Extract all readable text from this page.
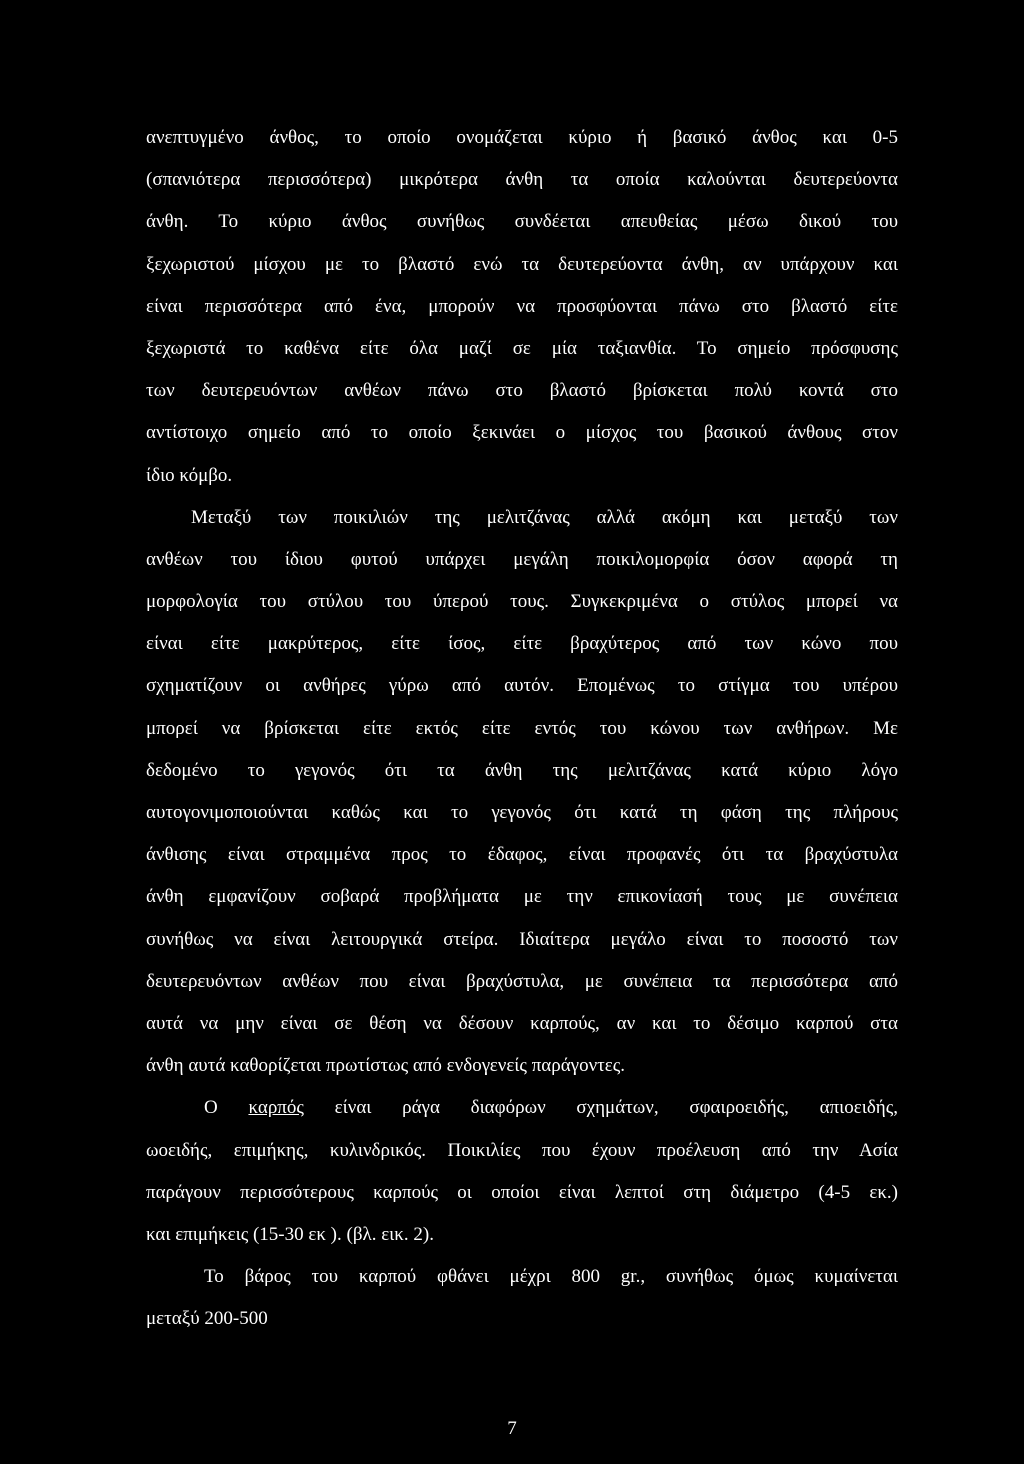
ανεπτυγμένο άνθος, το οποίο ονομάζεται κύριο ή βασικό άνθος και 0-5
(σπανιότερα περισσότερα) μικρότερα άνθη τα οποία καλούνται δευτερεύοντα
άνθη. Το κύριο άνθος συνήθως συνδέεται απευθείας μέσω δικού του
ξεχωριστού μίσχου με το βλαστό ενώ τα δευτερεύοντα άνθη, αν υπάρχουν και
είναι περισσότερα από ένα, μπορούν να προσφύονται πάνω στο βλαστό είτε
ξεχωριστά το καθένα είτε όλα μαζί σε μία ταξιανθία. Το σημείο πρόσφυσης
των δευτερευόντων ανθέων πάνω στο βλαστό βρίσκεται πολύ κοντά στο
αντίστοιχο σημείο από το οποίο ξεκινάει ο μίσχος του βασικού άνθους στον
ίδιο κόμβο.
Μεταξύ των ποικιλιών της μελιτζάνας αλλά ακόμη και μεταξύ των
ανθέων του ίδιου φυτού υπάρχει μεγάλη ποικιλομορφία όσον αφορά τη
μορφολογία του στύλου του ύπερού τους. Συγκεκριμένα ο στύλος μπορεί να
είναι είτε μακρύτερος, είτε ίσος, είτε βραχύτερος από των κώνο που
σχηματίζουν οι ανθήρες γύρω από αυτόν. Επομένως το στίγμα του υπέρου
μπορεί να βρίσκεται είτε εκτός είτε εντός του κώνου των ανθήρων. Με
δεδομένο το γεγονός ότι τα άνθη της μελιτζάνας κατά κύριο λόγο
αυτογονιμοποιούνται καθώς και το γεγονός ότι κατά τη φάση της πλήρους
άνθισης είναι στραμμένα προς το έδαφος, είναι προφανές ότι τα βραχύστυλα
άνθη εμφανίζουν σοβαρά προβλήματα με την επικονίασή τους με συνέπεια
συνήθως να είναι λειτουργικά στείρα. Ιδιαίτερα μεγάλο είναι το ποσοστό των
δευτερευόντων ανθέων που είναι βραχύστυλα, με συνέπεια τα περισσότερα από
αυτά να μην είναι σε θέση να δέσουν καρπούς, αν και το δέσιμο καρπού στα
άνθη αυτά καθορίζεται πρωτίστως από ενδογενείς παράγοντες.
Ο καρπός είναι ράγα διαφόρων σχημάτων, σφαιροειδής, απιοειδής,
ωοειδής, επιμήκης, κυλινδρικός. Ποικιλίες που έχουν προέλευση από την Ασία
παράγουν περισσότερους καρπούς οι οποίοι είναι λεπτοί στη διάμετρο (4-5 εκ.)
και επιμήκεις (15-30 εκ ). (βλ. εικ. 2).
Το βάρος του καρπού φθάνει μέχρι 800 gr., συνήθως όμως κυμαίνεται
μεταξύ 200-500
7
